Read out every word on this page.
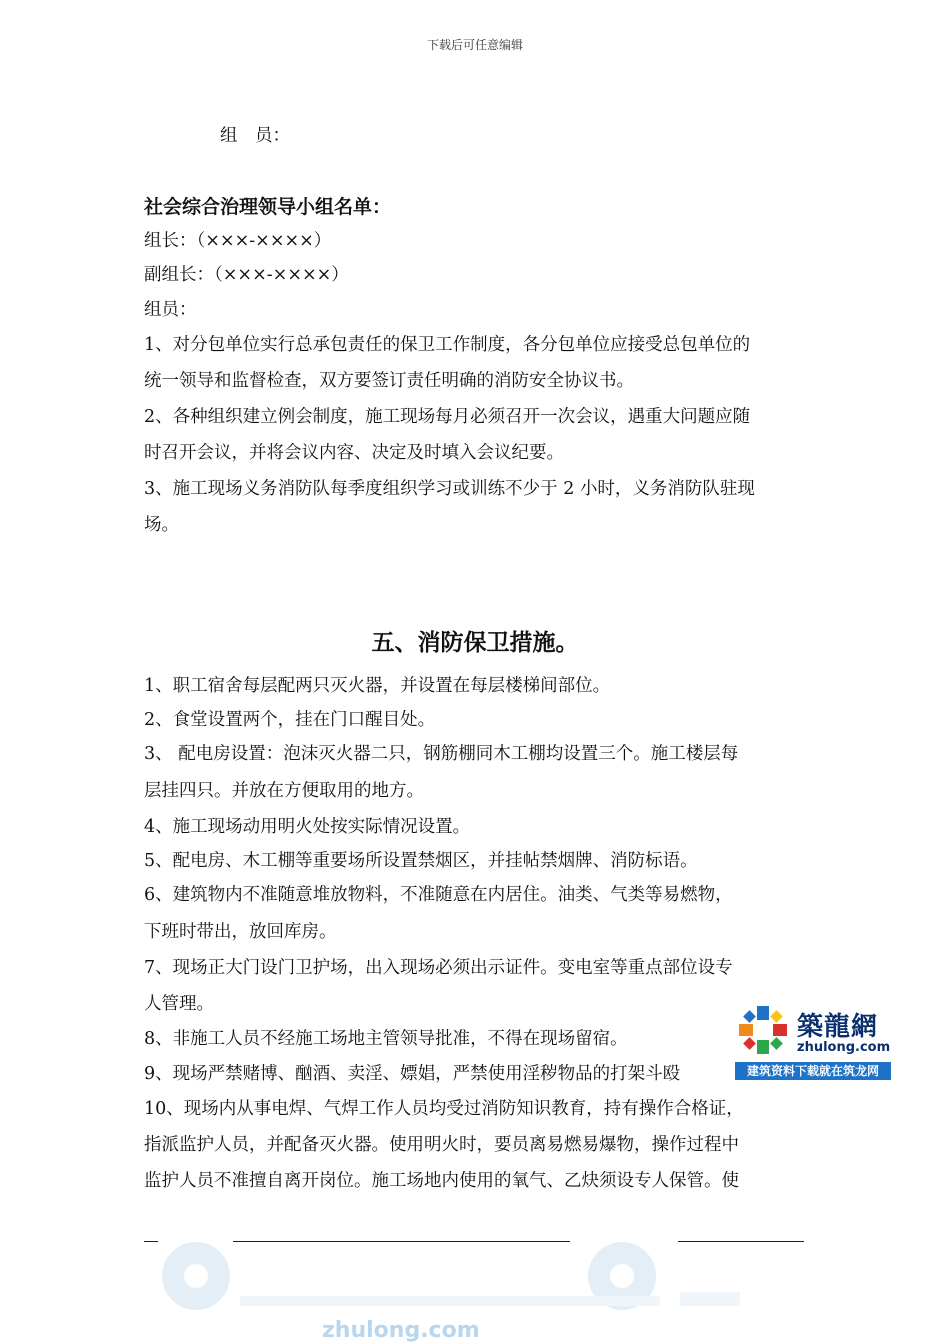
下载后可任意编辑
组　员：
社会综合治理领导小组名单：
组长：（×××-××××）
副组长：（×××-××××）
组员：
1、对分包单位实行总承包责任的保卫工作制度，各分包单位应接受总包单位的
统一领导和监督检查，双方要签订责任明确的消防安全协议书。
2、各种组织建立例会制度，施工现场每月必须召开一次会议，遇重大问题应随
时召开会议，并将会议内容、决定及时填入会议纪要。
3、施工现场义务消防队每季度组织学习或训练不少于 2 小时，义务消防队驻现
场。
五、消防保卫措施。
1、职工宿舍每层配两只灭火器，并设置在每层楼梯间部位。
2、食堂设置两个，挂在门口醒目处。
3、 配电房设置：泡沫灭火器二只，钢筋棚同木工棚均设置三个。施工楼层每
层挂四只。并放在方便取用的地方。
4、施工现场动用明火处按实际情况设置。
5、配电房、木工棚等重要场所设置禁烟区，并挂帖禁烟牌、消防标语。
6、建筑物内不准随意堆放物料，不准随意在内居住。油类、气类等易燃物，
下班时带出，放回库房。
7、现场正大门设门卫护场，出入现场必须出示证件。变电室等重点部位设专
人管理。
8、非施工人员不经施工场地主管领导批准，不得在现场留宿。
9、现场严禁赌博、酗酒、卖淫、嫖娼，严禁使用淫秽物品的打架斗殴
10、现场内从事电焊、气焊工作人员均受过消防知识教育，持有操作合格证，
指派监护人员，并配备灭火器。使用明火时，要员离易燃易爆物，操作过程中
监护人员不准擅自离开岗位。施工场地内使用的氧气、乙炔须设专人保管。使
築龍網
zhulong.com
建筑资料下载就在筑龙网
zhulong.com
